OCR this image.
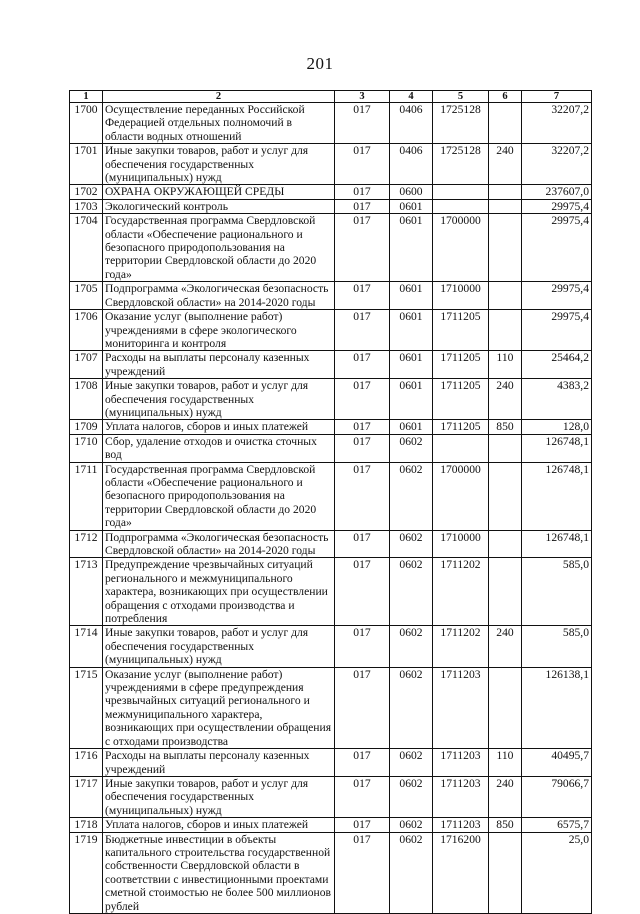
201
1	2	3	4	5	6	7
1700	Осуществление переданных Российской Федерацией отдельных полномочий в области водных отношений	017	0406	1725128		32207,2
1701	Иные закупки товаров, работ и услуг для обеспечения государственных (муниципальных) нужд	017	0406	1725128	240	32207,2
1702	ОХРАНА ОКРУЖАЮЩЕЙ СРЕДЫ	017	0600			237607,0
1703	Экологический контроль	017	0601			29975,4
1704	Государственная программа Свердловской области «Обеспечение рационального и безопасного природопользования на территории Свердловской области до 2020 года»	017	0601	1700000		29975,4
1705	Подпрограмма «Экологическая безопасность Свердловской области» на 2014-2020 годы	017	0601	1710000		29975,4
1706	Оказание услуг (выполнение работ) учреждениями в сфере экологического мониторинга и контроля	017	0601	1711205		29975,4
1707	Расходы на выплаты персоналу казенных учреждений	017	0601	1711205	110	25464,2
1708	Иные закупки товаров, работ и услуг для обеспечения государственных (муниципальных) нужд	017	0601	1711205	240	4383,2
1709	Уплата налогов, сборов и иных платежей	017	0601	1711205	850	128,0
1710	Сбор, удаление отходов и очистка сточных вод	017	0602			126748,1
1711	Государственная программа Свердловской области «Обеспечение рационального и безопасного природопользования на территории Свердловской области до 2020 года»	017	0602	1700000		126748,1
1712	Подпрограмма «Экологическая безопасность Свердловской области» на 2014-2020 годы	017	0602	1710000		126748,1
1713	Предупреждение чрезвычайных ситуаций регионального и межмуниципального характера, возникающих при осуществлении обращения с отходами производства и потребления	017	0602	1711202		585,0
1714	Иные закупки товаров, работ и услуг для обеспечения государственных (муниципальных) нужд	017	0602	1711202	240	585,0
1715	Оказание услуг (выполнение работ) учреждениями в сфере предупреждения чрезвычайных ситуаций регионального и межмуниципального характера, возникающих при осуществлении обращения с отходами производства	017	0602	1711203		126138,1
1716	Расходы на выплаты персоналу казенных учреждений	017	0602	1711203	110	40495,7
1717	Иные закупки товаров, работ и услуг для обеспечения государственных (муниципальных) нужд	017	0602	1711203	240	79066,7
1718	Уплата налогов, сборов и иных платежей	017	0602	1711203	850	6575,7
1719	Бюджетные инвестиции в объекты капитального строительства государственной собственности Свердловской области в соответствии с инвестиционными проектами сметной стоимостью не более 500 миллионов рублей	017	0602	1716200		25,0
